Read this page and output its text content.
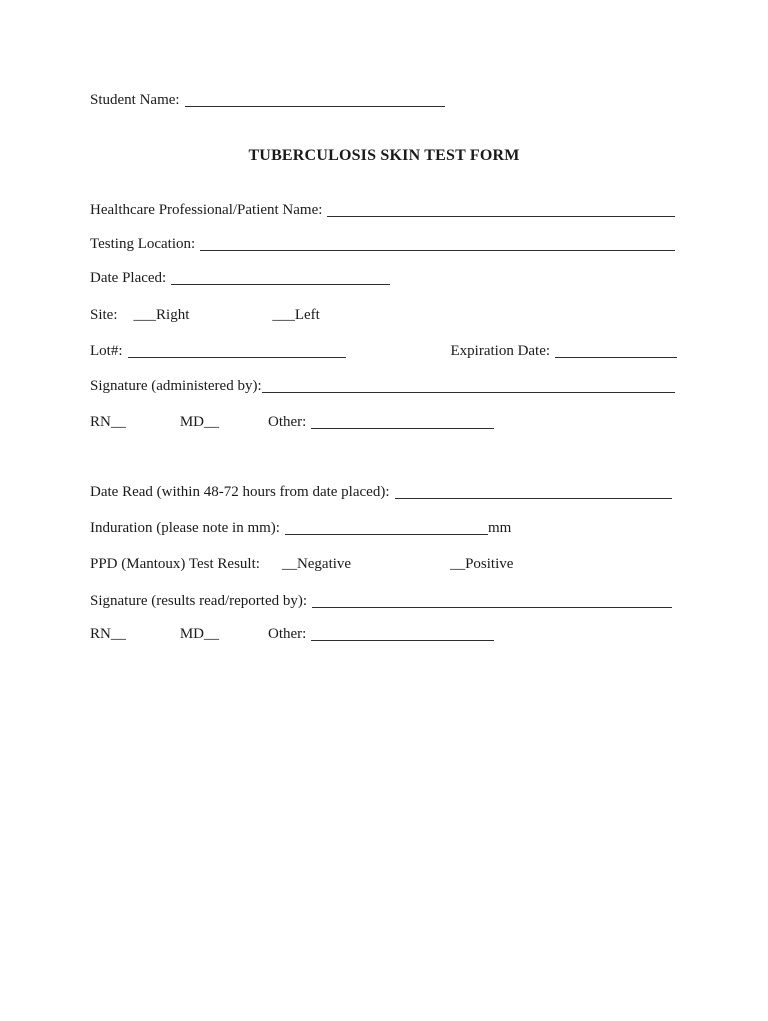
Student Name:
TUBERCULOSIS SKIN TEST FORM
Healthcare Professional/Patient Name:
Testing Location:
Date Placed:
Site: ___Right	___Left
Lot#:	Expiration Date:
Signature (administered by):
RN__	MD__	Other:
Date Read (within 48-72 hours from date placed):
Induration (please note in mm):	mm
PPD (Mantoux) Test Result: __Negative	__Positive
Signature (results read/reported by):
RN__	MD__	Other:
